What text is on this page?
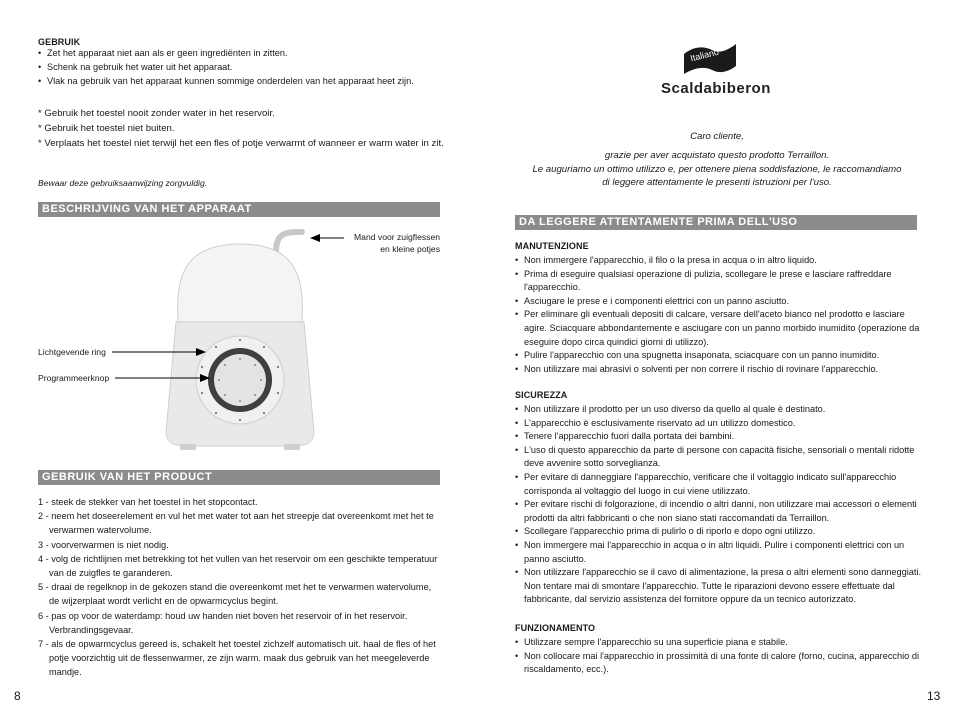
GEBRUIK
• Zet het apparaat niet aan als er geen ingrediënten in zitten.
• Schenk na gebruik het water uit het apparaat.
• Vlak na gebruik van het apparaat kunnen sommige onderdelen van het apparaat heet zijn.
* Gebruik het toestel nooit zonder water in het reservoir.
* Gebruik het toestel niet buiten.
* Verplaats het toestel niet terwijl het een fles of potje verwarmt of wanneer er warm water in zit.
Bewaar deze gebruiksaanwijzing zorgvuldig.
BESCHRIJVING VAN HET APPARAAT
Mand voor zuigflessen
en kleine potjes
Lichtgevende ring
Programmeerknop
GEBRUIK VAN HET PRODUCT
1 - steek de stekker van het toestel in het stopcontact.
2 - neem het doseerelement en vul het met water tot aan het streepje dat overeenkomt met het te verwarmen watervolume.
3 - voorverwarmen is niet nodig.
4 - volg de richtlijnen met betrekking tot het vullen van het reservoir om een geschikte temperatuur van de zuigfles te garanderen.
5 - draai de regelknop in de gekozen stand die overeenkomt met het te verwarmen watervolume, de wijzerplaat wordt verlicht en de opwarmcyclus begint.
6 - pas op voor de waterdamp: houd uw handen niet boven het reservoir of in het reservoir. Verbrandingsgevaar.
7 - als de opwarmcyclus gereed is, schakelt het toestel zichzelf automatisch uit. haal de fles of het potje voorzichtig uit de flessenwarmer, ze zijn warm. maak dus gebruik van het meegeleverde mandje.
8
Italiano
Scaldabiberon
Caro cliente,
grazie per aver acquistato questo prodotto Terraillon.
Le auguriamo un ottimo utilizzo e, per ottenere piena soddisfazione, le raccomandiamo
di leggere attentamente le presenti istruzioni per l'uso.
DA LEGGERE ATTENTAMENTE PRIMA DELL'USO
MANUTENZIONE
• Non immergere l'apparecchio, il filo o la presa in acqua o in altro liquido.
• Prima di eseguire qualsiasi operazione di pulizia, scollegare le prese e lasciare raffreddare l'apparecchio.
• Asciugare le prese e i componenti elettrici con un panno asciutto.
• Per eliminare gli eventuali depositi di calcare, versare dell'aceto bianco nel prodotto e lasciare agire. Sciacquare abbondantemente e asciugare con un panno morbido inumidito (operazione da eseguire dopo circa quindici giorni di utilizzo).
• Pulire l'apparecchio con una spugnetta insaponata, sciacquare con un panno inumidito.
• Non utilizzare mai abrasivi o solventi per non correre il rischio di rovinare l'apparecchio.
SICUREZZA
• Non utilizzare il prodotto per un uso diverso da quello al quale è destinato.
• L'apparecchio è esclusivamente riservato ad un utilizzo domestico.
• Tenere l'apparecchio fuori dalla portata dei bambini.
• L'uso di questo apparecchio da parte di persone con capacità fisiche, sensoriali o mentali ridotte deve avvenire sotto sorveglianza.
• Per evitare di danneggiare l'apparecchio, verificare che il voltaggio indicato sull'apparecchio corrisponda al voltaggio del luogo in cui viene utilizzato.
• Per evitare rischi di folgorazione, di incendio o altri danni, non utilizzare mai accessori o elementi prodotti da altri fabbricanti o che non siano stati raccomandati da Terraillon.
• Scollegare l'apparecchio prima di pulirlo o di riporlo e dopo ogni utilizzo.
• Non immergere mai l'apparecchio in acqua o in altri liquidi. Pulire i componenti elettrici con un panno asciutto.
• Non utilizzare l'apparecchio se il cavo di alimentazione, la presa o altri elementi sono danneggiati. Non tentare mai di smontare l'apparecchio. Tutte le riparazioni devono essere effettuate dal fabbricante, dal servizio assistenza del fornitore oppure da un tecnico autorizzato.
FUNZIONAMENTO
• Utilizzare sempre l'apparecchio su una superficie piana e stabile.
• Non collocare mai l'apparecchio in prossimità di una fonte di calore (forno, cucina, apparecchio di riscaldamento, ecc.).
13
